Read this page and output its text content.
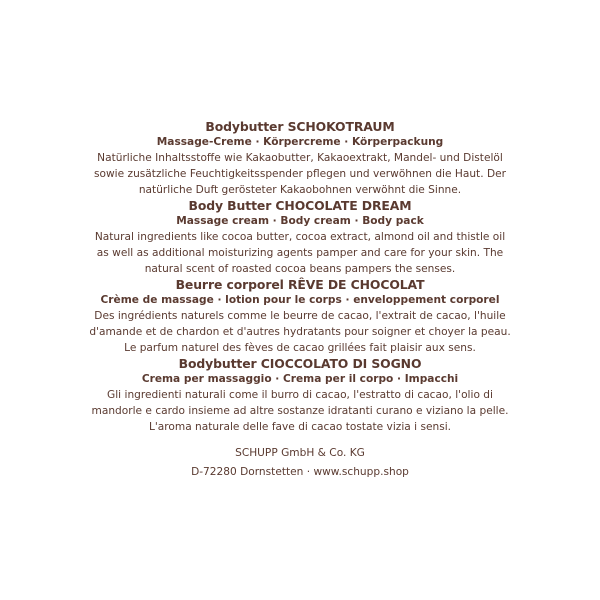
Bodybutter SCHOKOTRAUM
Massage-Creme · Körpercreme · Körperpackung
Natürliche Inhaltsstoffe wie Kakaobutter, Kakaoextrakt, Mandel- und Distelöl
sowie zusätzliche Feuchtigkeitsspender pflegen und verwöhnen die Haut. Der
natürliche Duft gerösteter Kakaobohnen verwöhnt die Sinne.
Body Butter CHOCOLATE DREAM
Massage cream · Body cream · Body pack
Natural ingredients like cocoa butter, cocoa extract, almond oil and thistle oil
as well as additional moisturizing agents pamper and care for your skin. The
natural scent of roasted cocoa beans pampers the senses.
Beurre corporel RÊVE DE CHOCOLAT
Crème de massage · lotion pour le corps · enveloppement corporel
Des ingrédients naturels comme le beurre de cacao, l'extrait de cacao, l'huile
d'amande et de chardon et d'autres hydratants pour soigner et choyer la peau.
Le parfum naturel des fèves de cacao grillées fait plaisir aux sens.
Bodybutter CIOCCOLATO DI SOGNO
Crema per massaggio · Crema per il corpo · Impacchi
Gli ingredienti naturali come il burro di cacao, l'estratto di cacao, l'olio di
mandorle e cardo insieme ad altre sostanze idratanti curano e viziano la pelle.
L'aroma naturale delle fave di cacao tostate vizia i sensi.
SCHUPP GmbH & Co. KG
D-72280 Dornstetten · www.schupp.shop
